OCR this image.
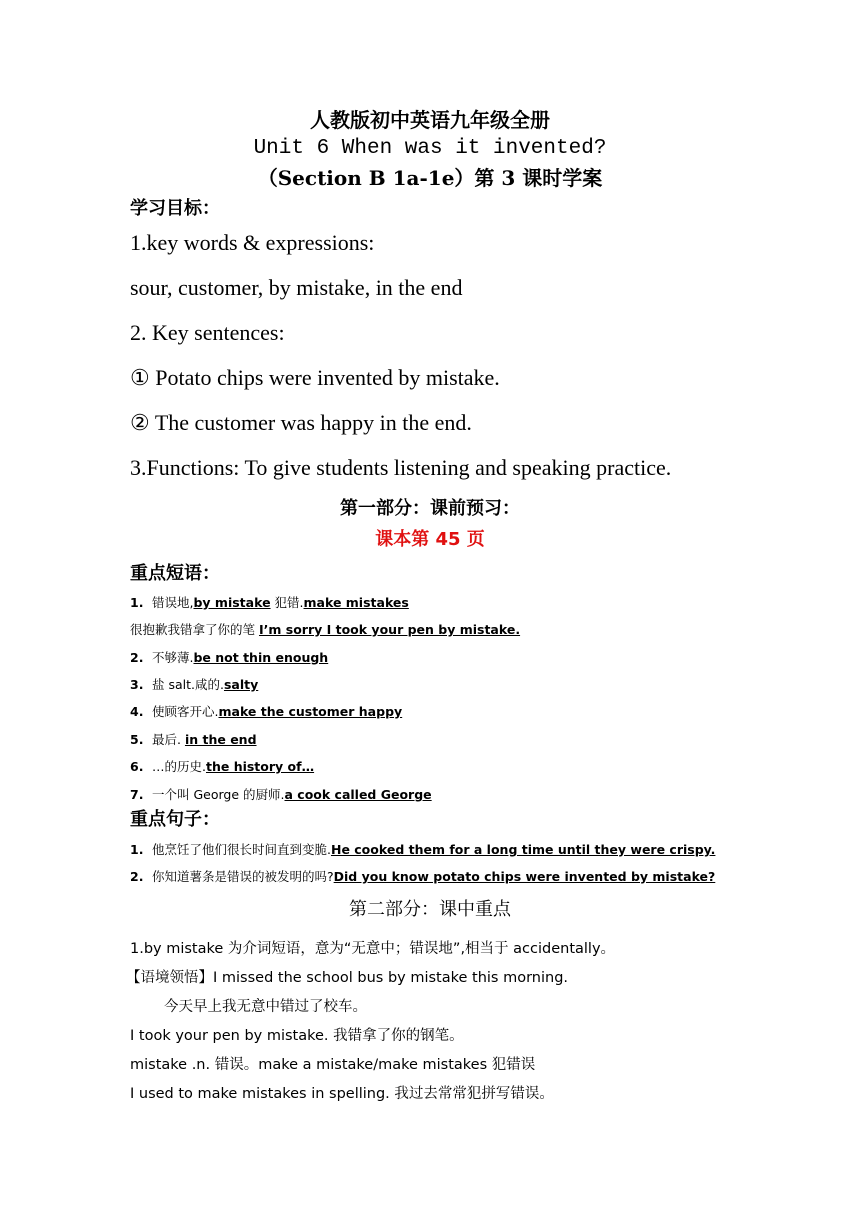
人教版初中英语九年级全册
Unit 6 When was it invented?
（Section B 1a-1e）第 3 课时学案
学习目标：
1.key words & expressions:
sour, customer, by mistake, in the end
2. Key sentences:
① Potato chips were invented by mistake.
② The customer was happy in the end.
3.Functions: To give students listening and speaking practice.
第一部分：课前预习：
课本第 45 页
重点短语：
1. 错误地,by mistake 犯错.make mistakes
很抱歉我错拿了你的笔 I’m sorry I took your pen by mistake.
2. 不够薄.be not thin enough
3. 盐 salt.咸的.salty
4. 使顾客开心.make the customer happy
5. 最后. in the end
6. …的历史.the history of…
7. 一个叫 George 的厨师.a cook called George
重点句子：
1. 他烹饪了他们很长时间直到变脆.He cooked them for a long time until they were crispy.
2. 你知道薯条是错误的被发明的吗?Did you know potato chips were invented by mistake?
第二部分：课中重点
1.by mistake 为介词短语，意为“无意中；错误地”,相当于 accidentally。
【语境领悟】I missed the school bus by mistake this morning.
今天早上我无意中错过了校车。
I took your pen by mistake. 我错拿了你的钢笔。
mistake .n. 错误。make a mistake/make mistakes 犯错误
I used to make mistakes in spelling. 我过去常常犯拼写错误。
